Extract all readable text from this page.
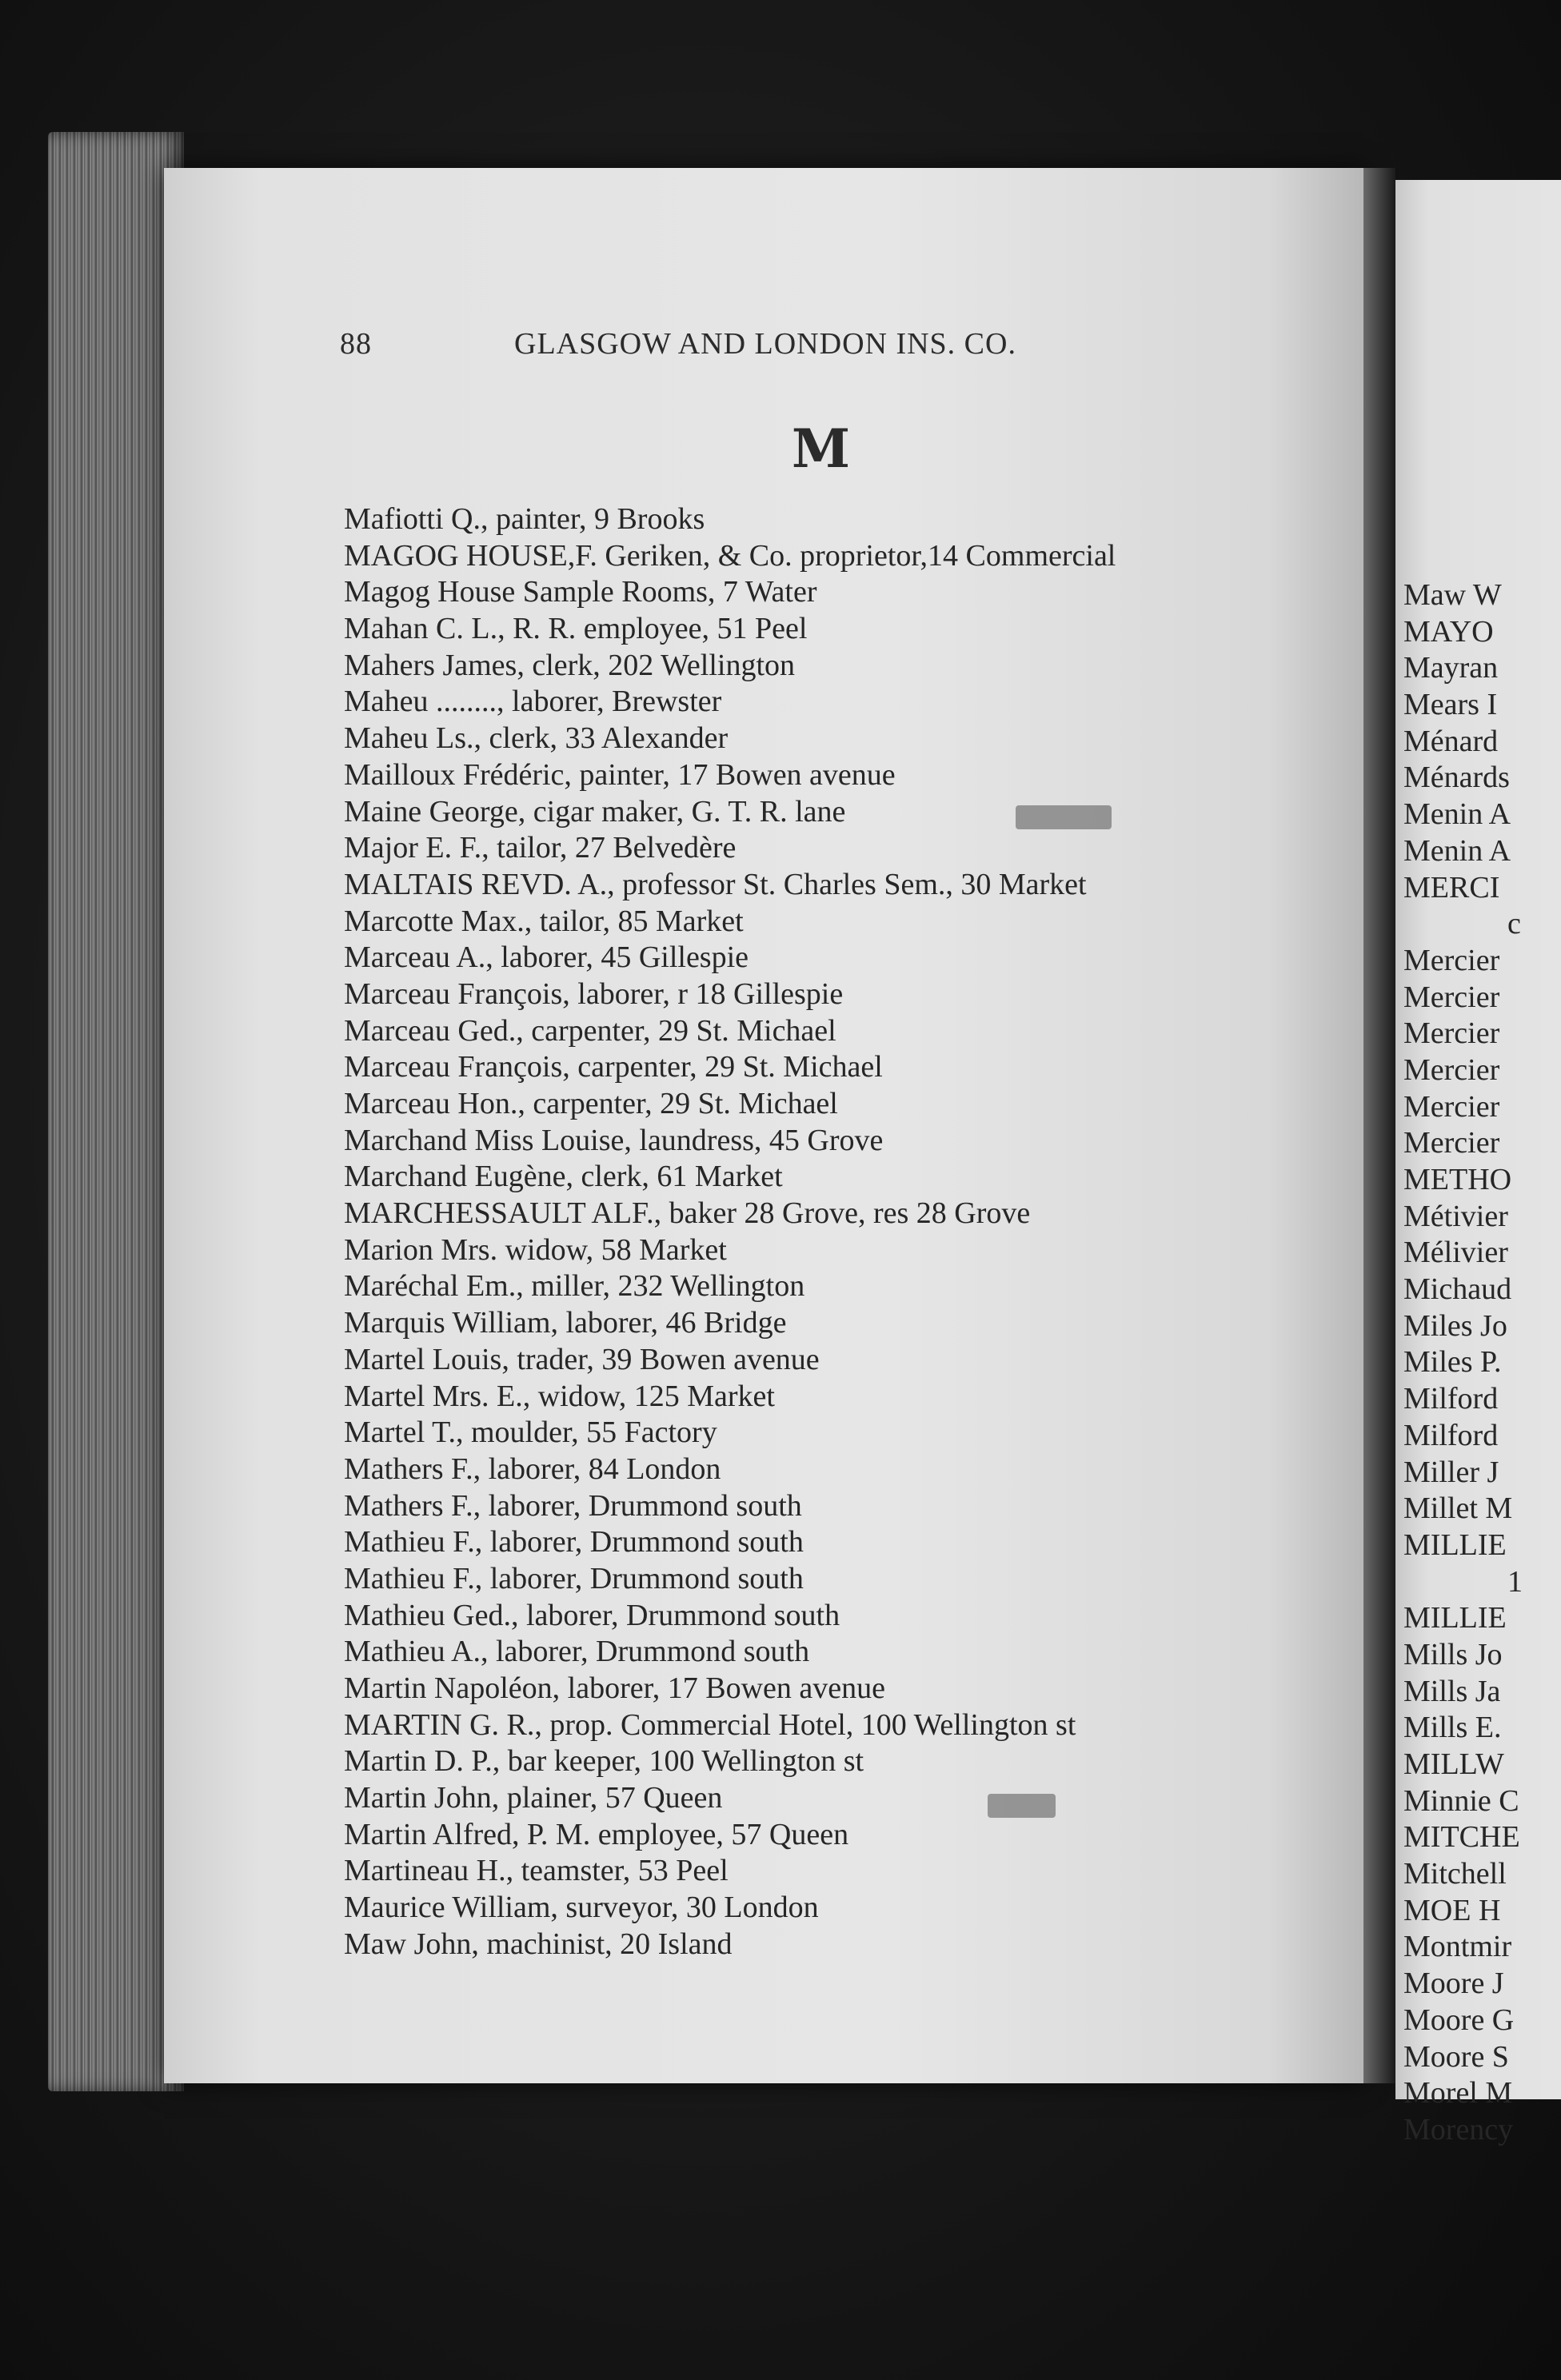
88	GLASGOW AND LONDON INS. CO.
M
Mafiotti Q., painter, 9 Brooks
MAGOG HOUSE,F. Geriken, & Co. proprietor,14 Commercial
Magog House Sample Rooms, 7 Water
Mahan C. L., R. R. employee, 51 Peel
Mahers James, clerk, 202 Wellington
Maheu ........, laborer, Brewster
Maheu Ls., clerk, 33 Alexander
Mailloux Frédéric, painter, 17 Bowen avenue
Maine George, cigar maker, G. T. R. lane
Major E. F., tailor, 27 Belvedère
MALTAIS REVD. A., professor St. Charles Sem., 30 Market
Marcotte Max., tailor, 85 Market
Marceau A., laborer, 45 Gillespie
Marceau François, laborer, r 18 Gillespie
Marceau Ged., carpenter, 29 St. Michael
Marceau François, carpenter, 29 St. Michael
Marceau Hon., carpenter, 29 St. Michael
Marchand Miss Louise, laundress, 45 Grove
Marchand Eugène, clerk, 61 Market
MARCHESSAULT ALF., baker 28 Grove, res 28 Grove
Marion Mrs. widow, 58 Market
Maréchal Em., miller, 232 Wellington
Marquis William, laborer, 46 Bridge
Martel Louis, trader, 39 Bowen avenue
Martel Mrs. E., widow, 125 Market
Martel T., moulder, 55 Factory
Mathers F., laborer, 84 London
Mathers F., laborer, Drummond south
Mathieu F., laborer, Drummond south
Mathieu F., laborer, Drummond south
Mathieu Ged., laborer, Drummond south
Mathieu A., laborer, Drummond south
Martin Napoléon, laborer, 17 Bowen avenue
MARTIN G. R., prop. Commercial Hotel, 100 Wellington st
Martin D. P., bar keeper, 100 Wellington st
Martin John, plainer, 57 Queen
Martin Alfred, P. M. employee, 57 Queen
Martineau H., teamster, 53 Peel
Maurice William, surveyor, 30 London
Maw John, machinist, 20 Island
Maw W
MAYO
Mayran
Mears I
Ménard
Ménards
Menin A
Menin A
MERCI
c
Mercier
Mercier
Mercier
Mercier
Mercier
Mercier
METHO
Métivier
Mélivier
Michaud
Miles Jo
Miles P.
Milford
Milford
Miller J
Millet M
MILLIE
1
MILLIE
Mills Jo
Mills Ja
Mills E.
MILLW
Minnie C
MITCHE
Mitchell
MOE H
Montmir
Moore J
Moore G
Moore S
Morel M
Morency
